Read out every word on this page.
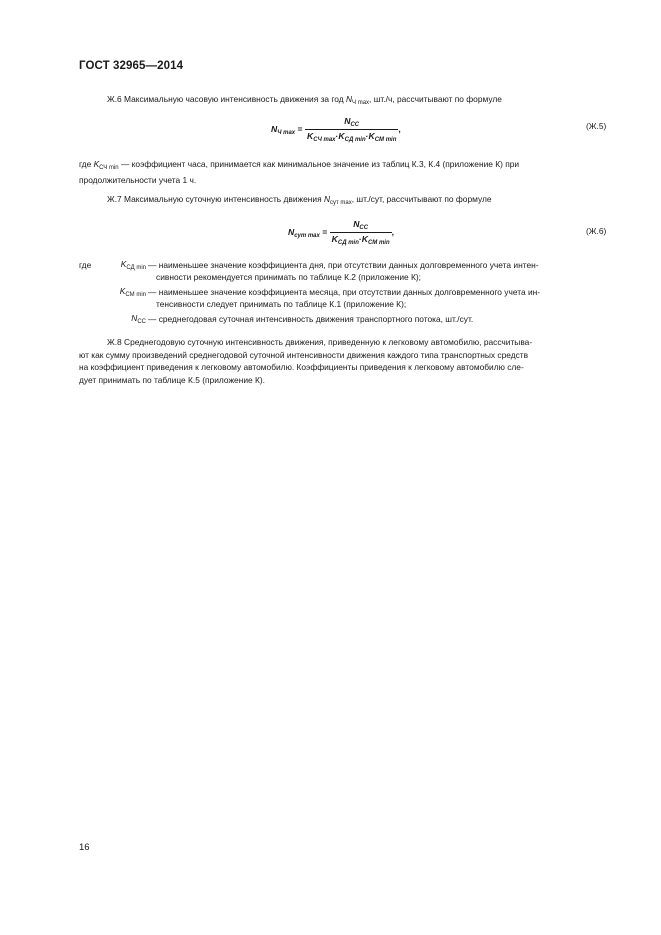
ГОСТ 32965—2014
Ж.6 Максимальную часовую интенсивность движения за год $N_{Ч max}$, шт./ч, рассчитывают по формуле
$N_{Ч max} = \frac{N_{СС}}{K_{СЧ max}\cdot K_{СД min}\cdot K_{СМ min}}$ ,	(Ж.5)
где $K_{СЧ min}$ — коэффициент часа, принимается как минимальное значение из таблиц К.3, К.4 (приложение К) при
продолжительности учета 1 ч.
Ж.7 Максимальную суточную интенсивность движения $N_{сут max}$, шт./сут, рассчитывают по формуле
$N_{сут max} = \frac{N_{СС}}{K_{СД min}\cdot K_{СМ min}}$ ,	(Ж.6)
где	$K_{СД min}$ — наименьшее значение коэффициента дня, при отсутствии данных долговременного учета интен-
сивности рекомендуется принимать по таблице К.2 (приложение К);
$K_{СМ min}$ — наименьшее значение коэффициента месяца, при отсутствии данных долговременного учета ин-
тенсивности следует принимать по таблице К.1 (приложение К);
$N_{СС}$ — среднегодовая суточная интенсивность движения транспортного потока, шт./сут.
Ж.8 Среднегодовую суточную интенсивность движения, приведенную к легковому автомобилю, рассчитыва-
ют как сумму произведений среднегодовой суточной интенсивности движения каждого типа транспортных средств
на коэффициент приведения к легковому автомобилю. Коэффициенты приведения к легковому автомобилю сле-
дует принимать по таблице К.5 (приложение К).
16
